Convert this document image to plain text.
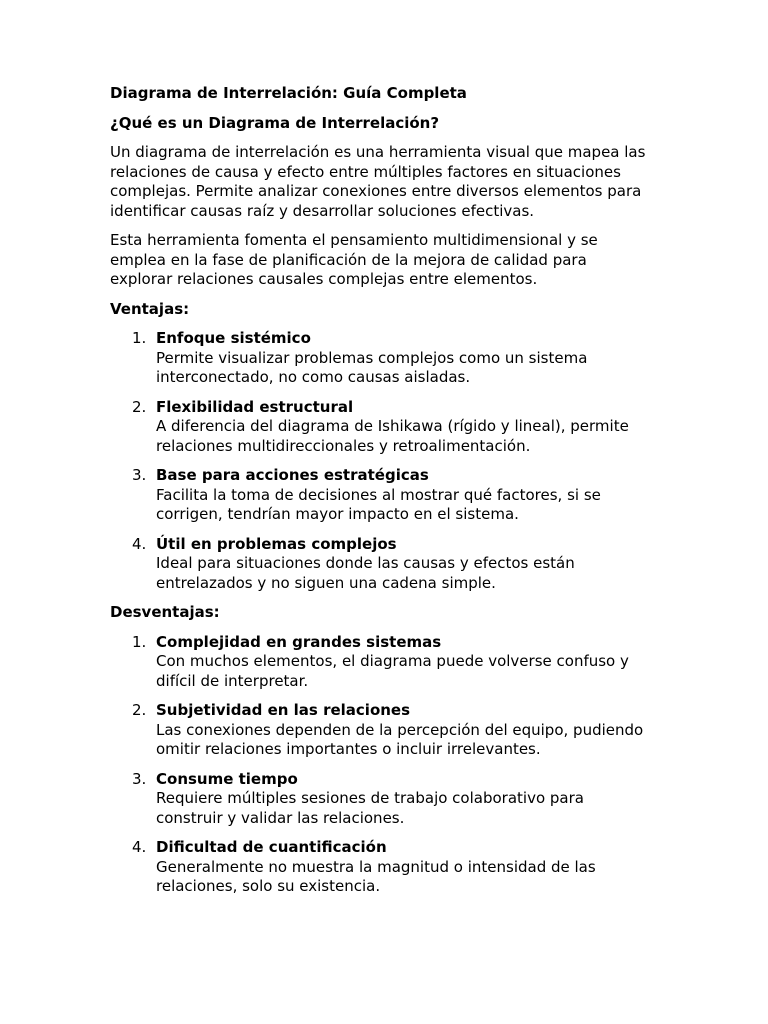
Diagrama de Interrelación: Guía Completa
¿Qué es un Diagrama de Interrelación?

Un diagrama de interrelación es una herramienta visual que mapea las relaciones de causa y efecto entre múltiples factores en situaciones complejas. Permite analizar conexiones entre diversos elementos para identificar causas raíz y desarrollar soluciones efectivas.

Esta herramienta fomenta el pensamiento multidimensional y se emplea en la fase de planificación de la mejora de calidad para explorar relaciones causales complejas entre elementos.

Ventajas:
1. Enfoque sistémico
Permite visualizar problemas complejos como un sistema interconectado, no como causas aisladas.
2. Flexibilidad estructural
A diferencia del diagrama de Ishikawa (rígido y lineal), permite relaciones multidireccionales y retroalimentación.
3. Base para acciones estratégicas
Facilita la toma de decisiones al mostrar qué factores, si se corrigen, tendrían mayor impacto en el sistema.
4. Útil en problemas complejos
Ideal para situaciones donde las causas y efectos están entrelazados y no siguen una cadena simple.
Desventajas:
1. Complejidad en grandes sistemas
Con muchos elementos, el diagrama puede volverse confuso y difícil de interpretar.
2. Subjetividad en las relaciones
Las conexiones dependen de la percepción del equipo, pudiendo omitir relaciones importantes o incluir irrelevantes.
3. Consume tiempo
Requiere múltiples sesiones de trabajo colaborativo para construir y validar las relaciones.
4. Dificultad de cuantificación
Generalmente no muestra la magnitud o intensidad de las relaciones, solo su existencia.
